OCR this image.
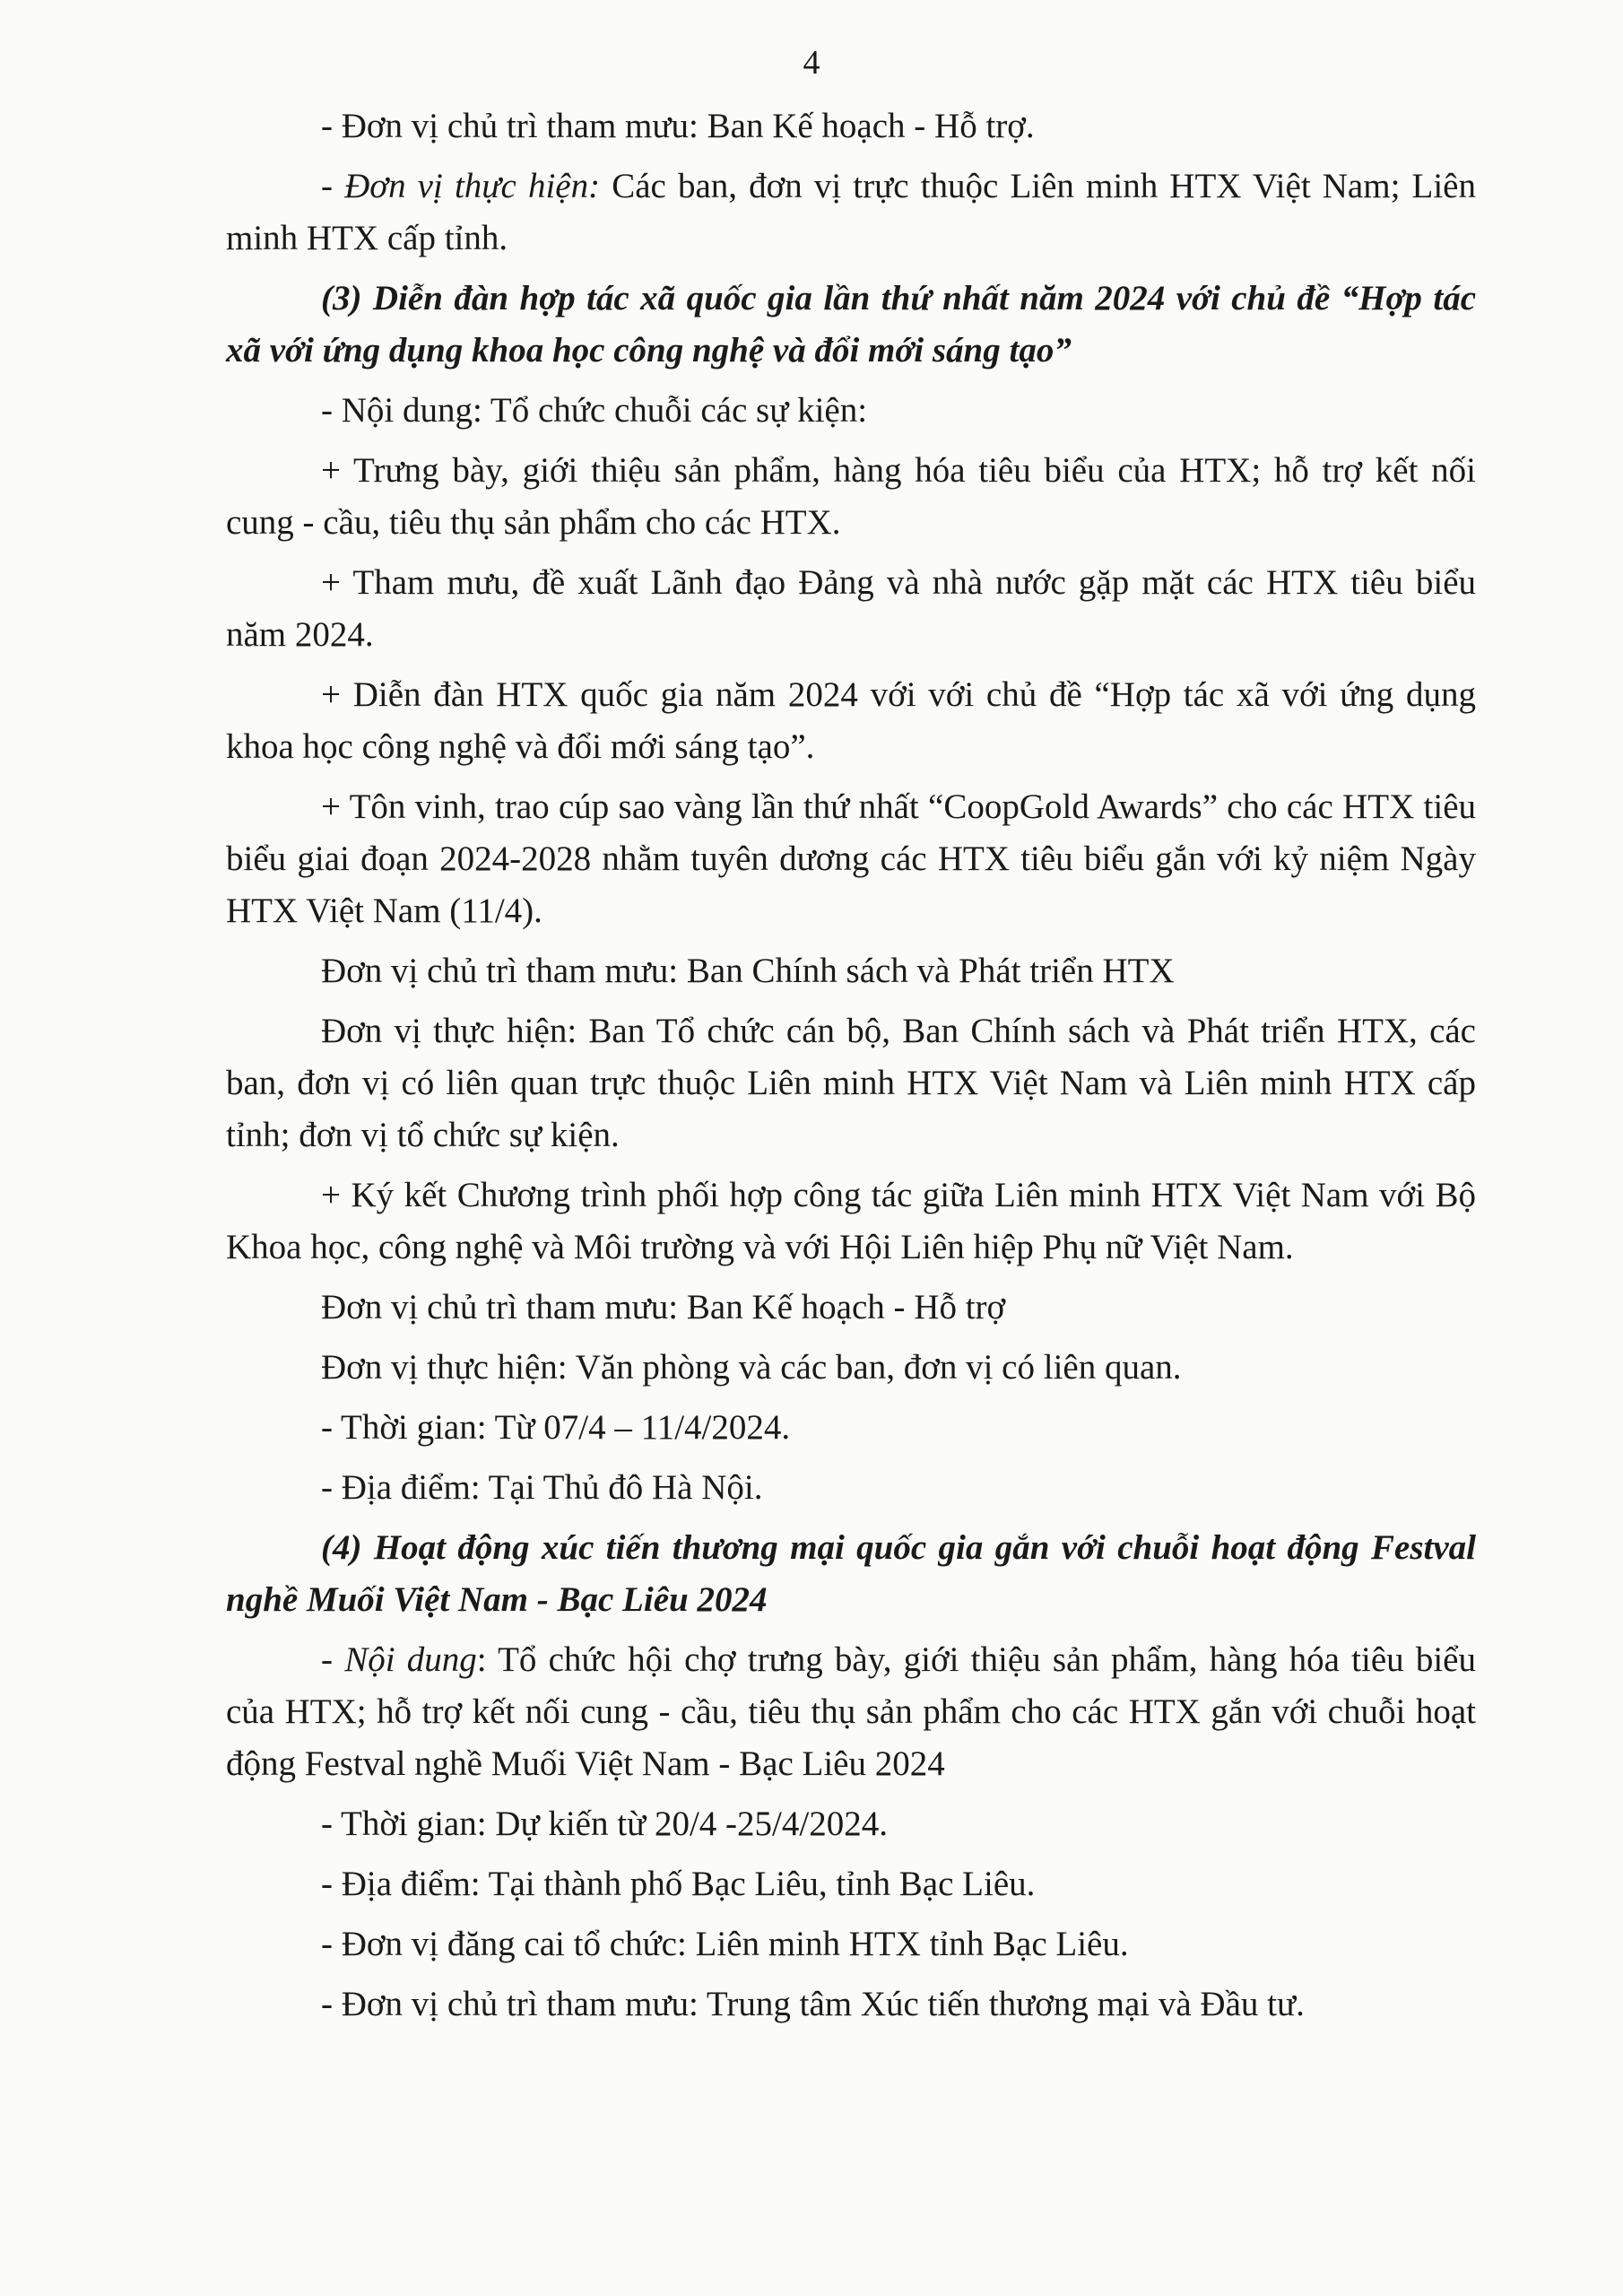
4

- Đơn vị chủ trì tham mưu: Ban Kế hoạch - Hỗ trợ.

- Đơn vị thực hiện: Các ban, đơn vị trực thuộc Liên minh HTX Việt Nam; Liên minh HTX cấp tỉnh.

(3) Diễn đàn hợp tác xã quốc gia lần thứ nhất năm 2024 với chủ đề “Hợp tác xã với ứng dụng khoa học công nghệ và đổi mới sáng tạo”

- Nội dung: Tổ chức chuỗi các sự kiện:

+ Trưng bày, giới thiệu sản phẩm, hàng hóa tiêu biểu của HTX; hỗ trợ kết nối cung - cầu, tiêu thụ sản phẩm cho các HTX.

+ Tham mưu, đề xuất Lãnh đạo Đảng và nhà nước gặp mặt các HTX tiêu biểu năm 2024.

+ Diễn đàn HTX quốc gia năm 2024 với với chủ đề “Hợp tác xã với ứng dụng khoa học công nghệ và đổi mới sáng tạo”.

+ Tôn vinh, trao cúp sao vàng lần thứ nhất “CoopGold Awards” cho các HTX tiêu biểu giai đoạn 2024-2028 nhằm tuyên dương các HTX tiêu biểu gắn với kỷ niệm Ngày HTX Việt Nam (11/4).

Đơn vị chủ trì tham mưu: Ban Chính sách và Phát triển HTX

Đơn vị thực hiện: Ban Tổ chức cán bộ, Ban Chính sách và Phát triển HTX, các ban, đơn vị có liên quan trực thuộc Liên minh HTX Việt Nam và Liên minh HTX cấp tỉnh; đơn vị tổ chức sự kiện.

+ Ký kết Chương trình phối hợp công tác giữa Liên minh HTX Việt Nam với Bộ Khoa học, công nghệ và Môi trường và với Hội Liên hiệp Phụ nữ Việt Nam.

Đơn vị chủ trì tham mưu: Ban Kế hoạch - Hỗ trợ

Đơn vị thực hiện: Văn phòng và các ban, đơn vị có liên quan.

- Thời gian: Từ 07/4 – 11/4/2024.

- Địa điểm: Tại Thủ đô Hà Nội.

(4) Hoạt động xúc tiến thương mại quốc gia gắn với chuỗi hoạt động Festval nghề Muối Việt Nam - Bạc Liêu 2024

- Nội dung: Tổ chức hội chợ trưng bày, giới thiệu sản phẩm, hàng hóa tiêu biểu của HTX; hỗ trợ kết nối cung - cầu, tiêu thụ sản phẩm cho các HTX gắn với chuỗi hoạt động Festval nghề Muối Việt Nam - Bạc Liêu 2024

- Thời gian: Dự kiến từ 20/4 -25/4/2024.

- Địa điểm: Tại thành phố Bạc Liêu, tỉnh Bạc Liêu.

- Đơn vị đăng cai tổ chức: Liên minh HTX tỉnh Bạc Liêu.

- Đơn vị chủ trì tham mưu: Trung tâm Xúc tiến thương mại và Đầu tư.
